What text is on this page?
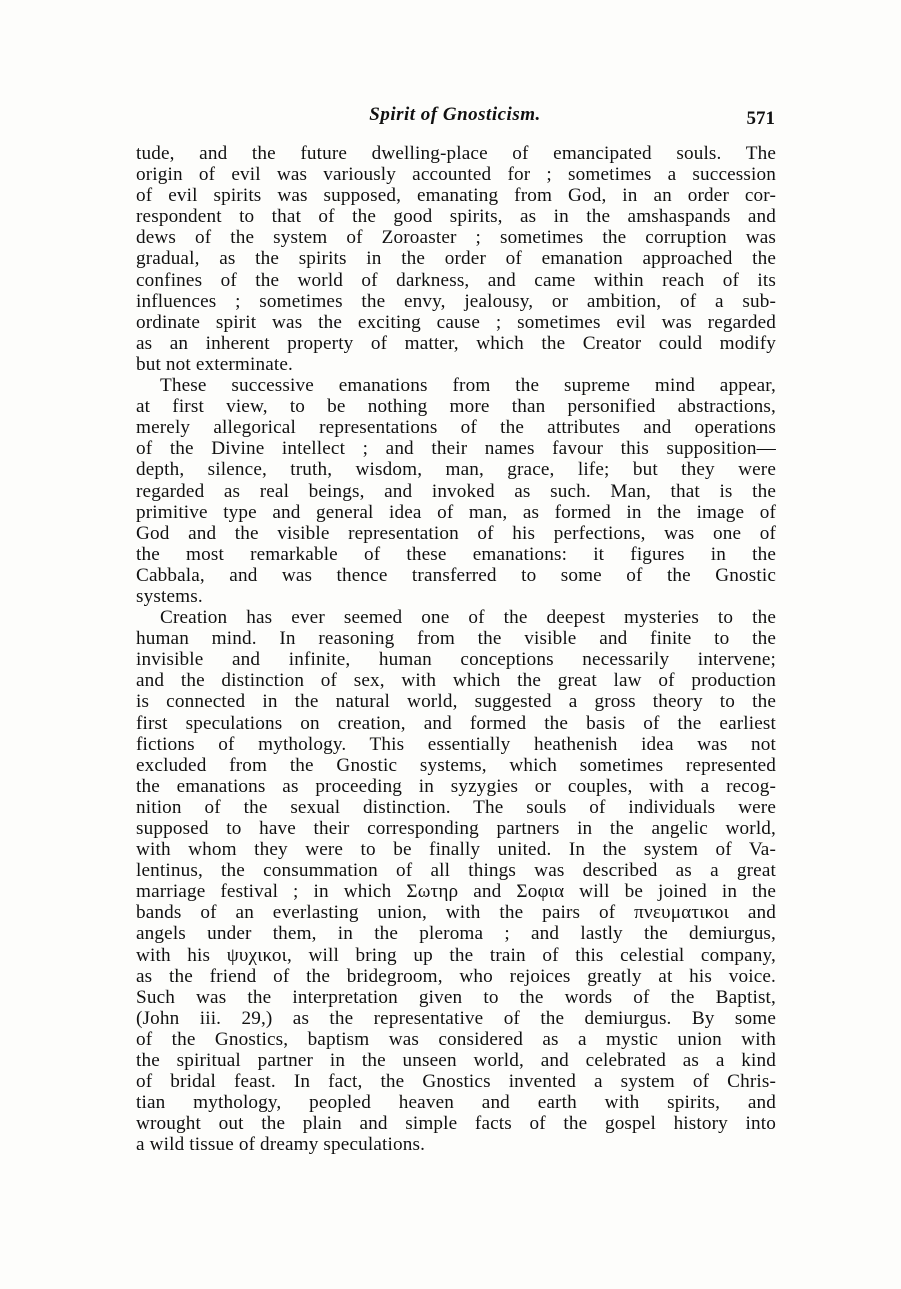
Spirit of Gnosticism.	571
tude, and the future dwelling-place of emancipated souls. The
origin of evil was variously accounted for ; sometimes a succession
of evil spirits was supposed, emanating from God, in an order cor-
respondent to that of the good spirits, as in the amshaspands and
dews of the system of Zoroaster ; sometimes the corruption was
gradual, as the spirits in the order of emanation approached the
confines of the world of darkness, and came within reach of its
influences ; sometimes the envy, jealousy, or ambition, of a sub-
ordinate spirit was the exciting cause ; sometimes evil was regarded
as an inherent property of matter, which the Creator could modify
but not exterminate.
These successive emanations from the supreme mind appear,
at first view, to be nothing more than personified abstractions,
merely allegorical representations of the attributes and operations
of the Divine intellect ; and their names favour this supposition—
depth, silence, truth, wisdom, man, grace, life; but they were
regarded as real beings, and invoked as such. Man, that is the
primitive type and general idea of man, as formed in the image of
God and the visible representation of his perfections, was one of
the most remarkable of these emanations: it figures in the
Cabbala, and was thence transferred to some of the Gnostic
systems.
Creation has ever seemed one of the deepest mysteries to the
human mind. In reasoning from the visible and finite to the
invisible and infinite, human conceptions necessarily intervene;
and the distinction of sex, with which the great law of production
is connected in the natural world, suggested a gross theory to the
first speculations on creation, and formed the basis of the earliest
fictions of mythology. This essentially heathenish idea was not
excluded from the Gnostic systems, which sometimes represented
the emanations as proceeding in syzygies or couples, with a recog-
nition of the sexual distinction. The souls of individuals were
supposed to have their corresponding partners in the angelic world,
with whom they were to be finally united. In the system of Va-
lentinus, the consummation of all things was described as a great
marriage festival ; in which Σωτηρ and Σοφια will be joined in the
bands of an everlasting union, with the pairs of πνευματικοι and
angels under them, in the pleroma ; and lastly the demiurgus,
with his ψυχικοι, will bring up the train of this celestial company,
as the friend of the bridegroom, who rejoices greatly at his voice.
Such was the interpretation given to the words of the Baptist,
(John iii. 29,) as the representative of the demiurgus. By some
of the Gnostics, baptism was considered as a mystic union with
the spiritual partner in the unseen world, and celebrated as a kind
of bridal feast. In fact, the Gnostics invented a system of Chris-
tian mythology, peopled heaven and earth with spirits, and
wrought out the plain and simple facts of the gospel history into
a wild tissue of dreamy speculations.
